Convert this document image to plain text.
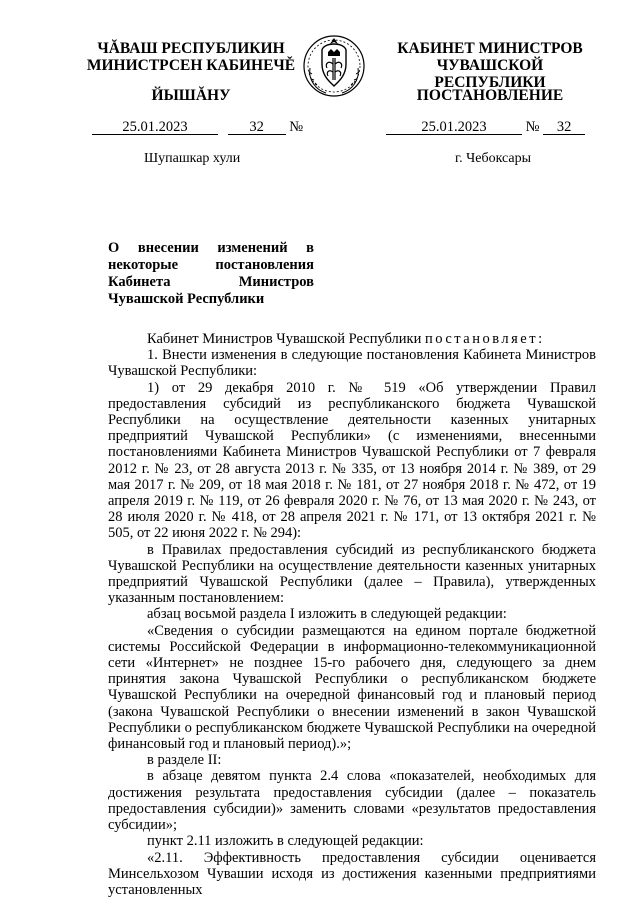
ЧĂВАШ РЕСПУБЛИКИН
МИНИСТРСЕН КАБИНЕЧĚ
КАБИНЕТ МИНИСТРОВ
ЧУВАШСКОЙ РЕСПУБЛИКИ
ЙЫШĂНУ	ПОСТАНОВЛЕНИЕ
25.01.2023	32 №	25.01.2023	№ 32
Шупашкар хули	г. Чебоксары
О внесении изменений в некоторые постановления Кабинета Министров Чувашской Республики

Кабинет Министров Чувашской Республики постановляет:

1. Внести изменения в следующие постановления Кабинета Министров Чувашской Республики:

1) от 29 декабря 2010 г. № 519 «Об утверждении Правил предоставления субсидий из республиканского бюджета Чувашской Республики на осуществление деятельности казенных унитарных предприятий Чувашской Республики» (с изменениями, внесенными постановлениями Кабинета Министров Чувашской Республики от 7 февраля 2012 г. № 23, от 28 августа 2013 г. № 335, от 13 ноября 2014 г. № 389, от 29 мая 2017 г. № 209, от 18 мая 2018 г. № 181, от 27 ноября 2018 г. № 472, от 19 апреля 2019 г. № 119, от 26 февраля 2020 г. № 76, от 13 мая 2020 г. № 243, от 28 июля 2020 г. № 418, от 28 апреля 2021 г. № 171, от 13 октября 2021 г. № 505, от 22 июня 2022 г. № 294):

в Правилах предоставления субсидий из республиканского бюджета Чувашской Республики на осуществление деятельности казенных унитарных предприятий Чувашской Республики (далее – Правила), утвержденных указанным постановлением:

абзац восьмой раздела I изложить в следующей редакции:

«Сведения о субсидии размещаются на едином портале бюджетной системы Российской Федерации в информационно-телекоммуникационной сети «Интернет» не позднее 15-го рабочего дня, следующего за днем принятия закона Чувашской Республики о республиканском бюджете Чувашской Республики на очередной финансовый год и плановый период (закона Чувашской Республики о внесении изменений в закон Чувашской Республики о республиканском бюджете Чувашской Республики на очередной финансовый год и плановый период).»;

в разделе II:

в абзаце девятом пункта 2.4 слова «показателей, необходимых для достижения результата предоставления субсидии (далее – показатель предоставления субсидии)» заменить словами «результатов предоставления субсидии»;

пункт 2.11 изложить в следующей редакции:

«2.11. Эффективность предоставления субсидии оценивается Минсельхозом Чувашии исходя из достижения казенными предприятиями установленных
